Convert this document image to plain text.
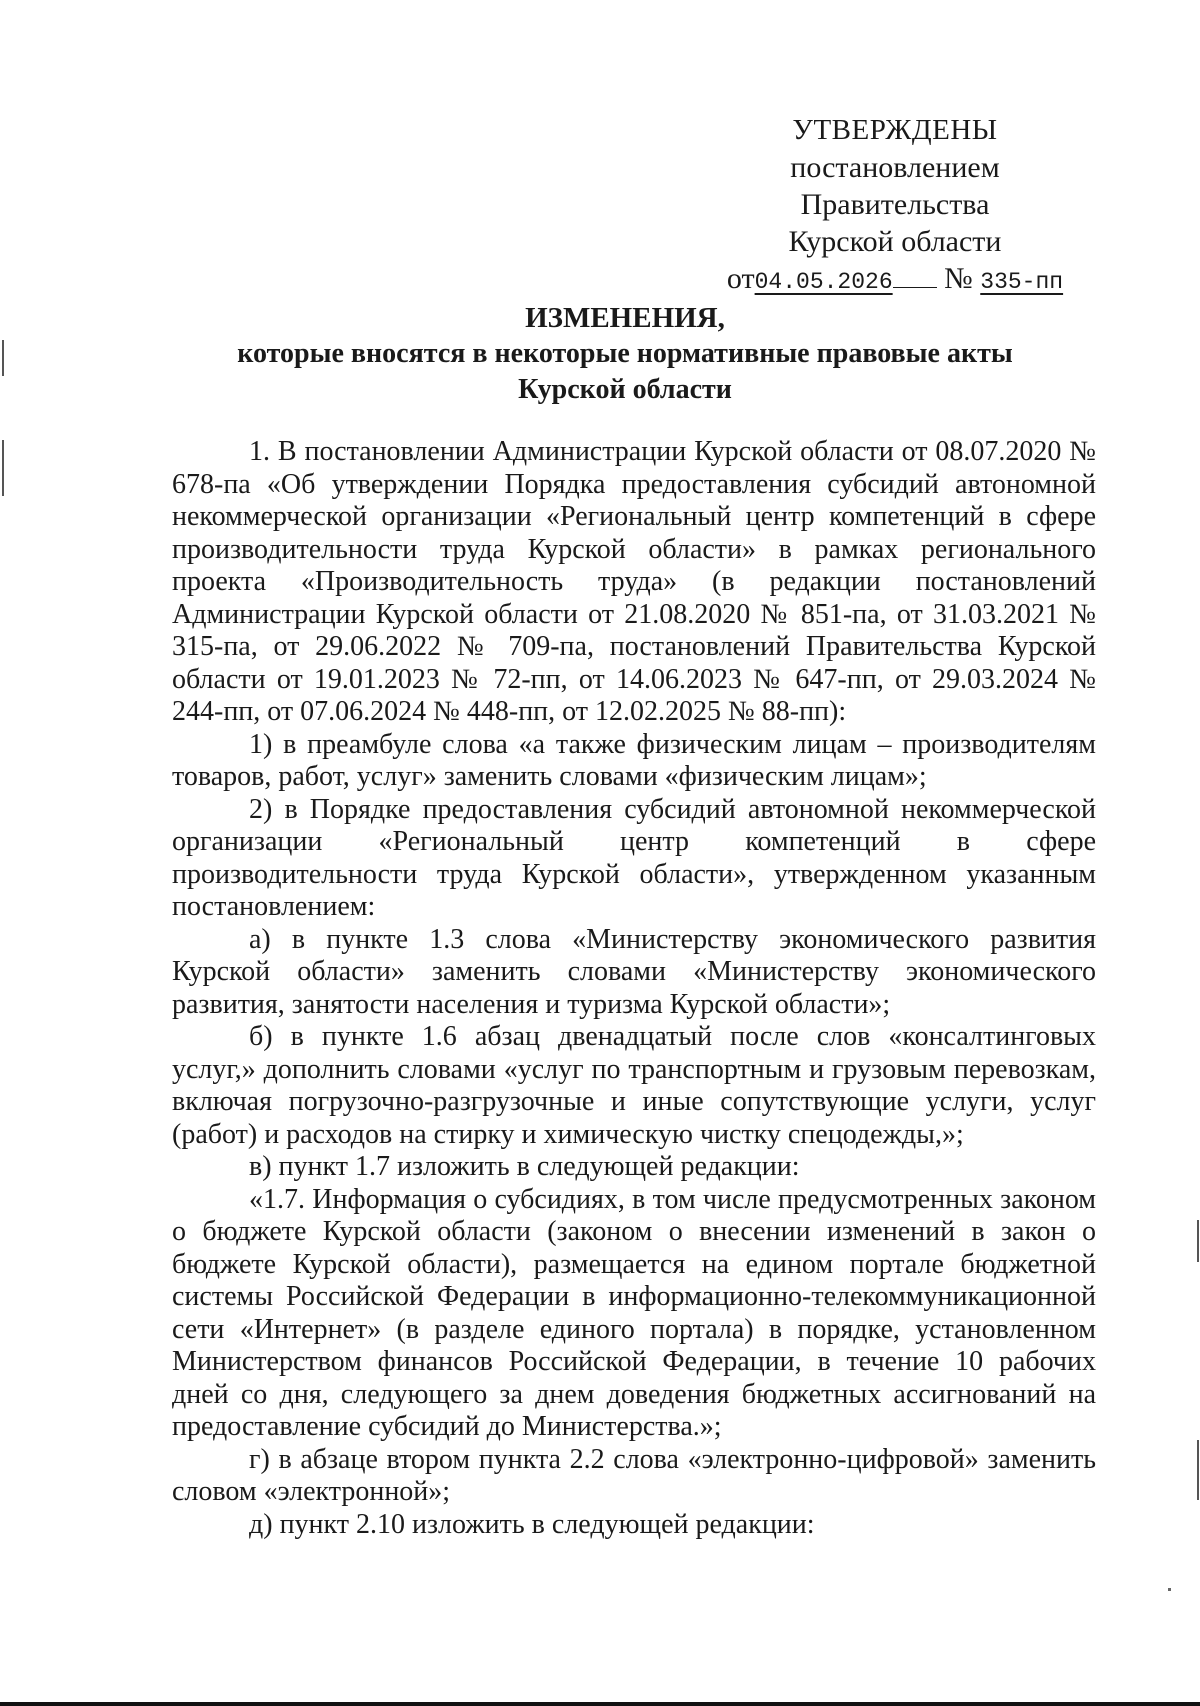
УТВЕРЖДЕНЫ
постановлением Правительства
Курской области
от04.05.2026 № 335-пп
ИЗМЕНЕНИЯ,
которые вносятся в некоторые нормативные правовые акты
Курской области

1. В постановлении Администрации Курской области от 08.07.2020 № 678-па «Об утверждении Порядка предоставления субсидий автономной некоммерческой организации «Региональный центр компетенций в сфере производительности труда Курской области» в рамках регионального проекта «Производительность труда» (в редакции постановлений Администрации Курской области от 21.08.2020 № 851-па, от 31.03.2021 № 315-па, от 29.06.2022 № 709-па, постановлений Правительства Курской области от 19.01.2023 № 72-пп, от 14.06.2023 № 647-пп, от 29.03.2024 № 244-пп, от 07.06.2024 № 448-пп, от 12.02.2025 № 88-пп):

1) в преамбуле слова «а также физическим лицам – производителям товаров, работ, услуг» заменить словами «физическим лицам»;

2) в Порядке предоставления субсидий автономной некоммерческой организации «Региональный центр компетенций в сфере производительности труда Курской области», утвержденном указанным постановлением:

а) в пункте 1.3 слова «Министерству экономического развития Курской области» заменить словами «Министерству экономического развития, занятости населения и туризма Курской области»;

б) в пункте 1.6 абзац двенадцатый после слов «консалтинговых услуг,» дополнить словами «услуг по транспортным и грузовым перевозкам, включая погрузочно-разгрузочные и иные сопутствующие услуги, услуг (работ) и расходов на стирку и химическую чистку спецодежды,»;

в) пункт 1.7 изложить в следующей редакции:

«1.7. Информация о субсидиях, в том числе предусмотренных законом о бюджете Курской области (законом о внесении изменений в закон о бюджете Курской области), размещается на едином портале бюджетной системы Российской Федерации в информационно-телекоммуникационной сети «Интернет» (в разделе единого портала) в порядке, установленном Министерством финансов Российской Федерации, в течение 10 рабочих дней со дня, следующего за днем доведения бюджетных ассигнований на предоставление субсидий до Министерства.»;

г) в абзаце втором пункта 2.2 слова «электронно-цифровой» заменить словом «электронной»;

д) пункт 2.10 изложить в следующей редакции:
